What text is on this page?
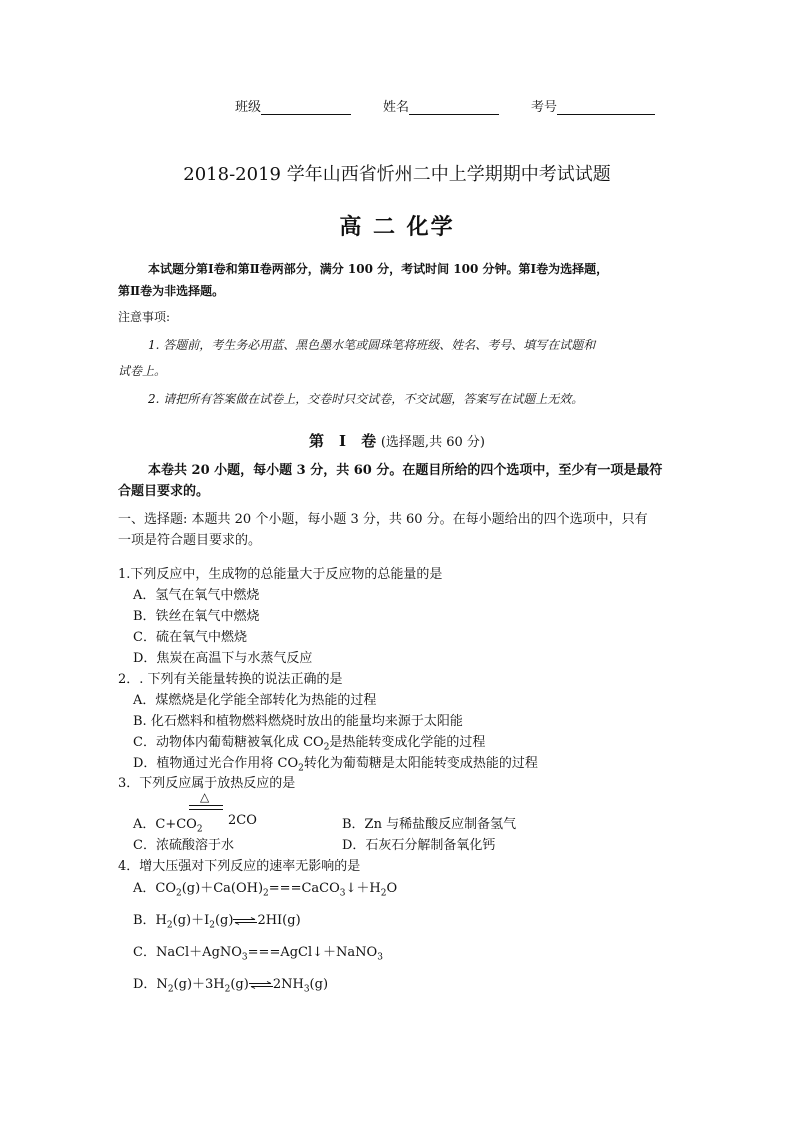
班级	姓名	考号
2018-2019 学年山西省忻州二中上学期期中考试试题
高 二 化学
本试题分第Ⅰ卷和第Ⅱ卷两部分，满分 100 分，考试时间 100 分钟。第Ⅰ卷为选择题，
第Ⅱ卷为非选择题。
注意事项:
1. 答题前，考生务必用蓝、黑色墨水笔或圆珠笔将班级、姓名、考号、填写在试题和
试卷上。
2. 请把所有答案做在试卷上，交卷时只交试卷，不交试题，答案写在试题上无效。
第　Ⅰ　卷 (选择题,共 60 分)
本卷共 20 小题，每小题 3 分，共 60 分。在题目所给的四个选项中，至少有一项是最符
合题目要求的。
一、选择题: 本题共 20 个小题，每小题 3 分，共 60 分。在每小题给出的四个选项中，只有
一项是符合题目要求的。
1.下列反应中，生成物的总能量大于反应物的总能量的是
A．氢气在氧气中燃烧
B．铁丝在氧气中燃烧
C．硫在氧气中燃烧
D．焦炭在高温下与水蒸气反应
2．. 下列有关能量转换的说法正确的是
A．煤燃烧是化学能全部转化为热能的过程
B. 化石燃料和植物燃料燃烧时放出的能量均来源于太阳能
C．动物体内葡萄糖被氧化成 $CO_2$是热能转变成化学能的过程
D．植物通过光合作用将 $CO_2$转化为葡萄糖是太阳能转变成热能的过程
3．下列反应属于放热反应的是
△
A．$C+CO_2$
2CO	B．Zn 与稀盐酸反应制备氢气
C．浓硫酸溶于水	D．石灰石分解制备氧化钙
4．增大压强对下列反应的速率无影响的是
A．$CO_2(g)+Ca(OH)_2===CaCO_3↓+H_2O$
B．$H_2(g)+I_2(g)\rightleftharpoons 2HI(g)$
C．NaCl＋AgNO$_3$===AgCl↓＋NaNO$_3$
D．$N_2(g)+3H_2(g)\rightleftharpoons 2NH_3(g)$
